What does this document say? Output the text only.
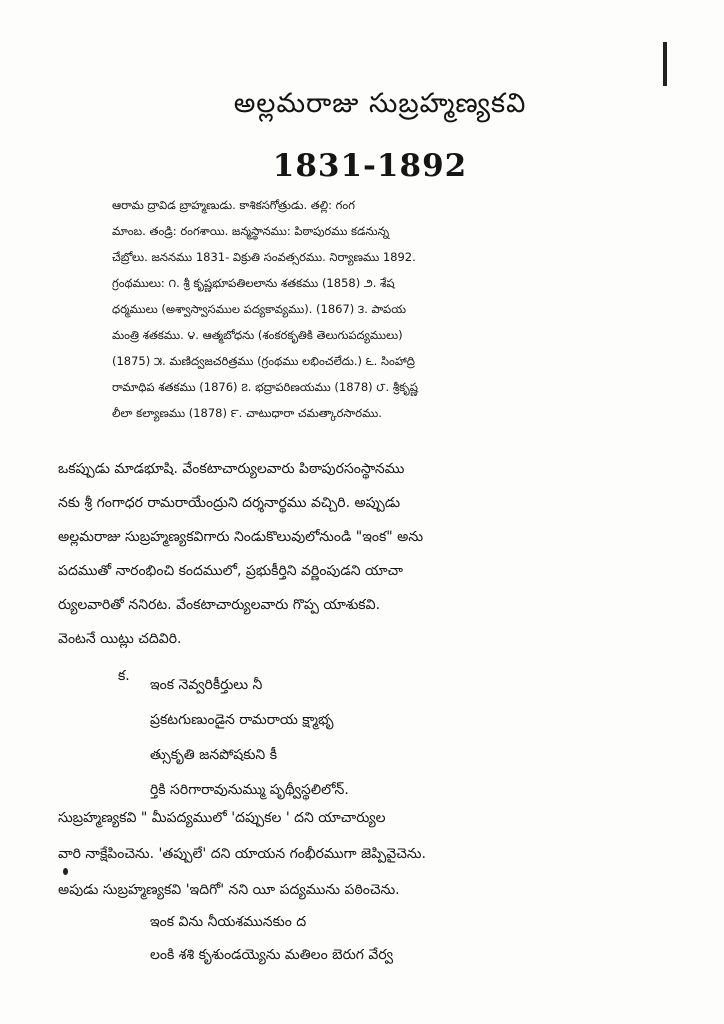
అల్లమరాజు సుబ్రహ్మణ్యకవి
1831-1892
ఆరామ ద్రావిడ బ్రాహ్మణుడు. కాశికసగోత్రుడు. తల్లి: గంగ
మాంబ. తండ్రి: రంగశాయి. జన్మస్థానము: పిఠాపురము కడనున్న
చేబ్రోలు. జననము 1831- విక్రుతి సంవత్సరము. నిర్యాణము 1892.
గ్రంథములు: ౧. శ్రీ కృష్ణభూపతిలలాను శతకము (1858) ౨. శేష
ధర్మములు (అశ్వాస్వాసముల పద్యకావ్యము). (1867) ౩. పాపయ
మంత్రి శతకము. ౪. ఆత్మబోధను (శంకరకృతికి తెలుగుపద్యములు)
(1875) ౫. మణిద్వజచరిత్రము (గ్రంథము లభించలేదు.) ౬. సింహాద్రి
రామాధిప శతకము (1876) ౭. భద్రాపరిణయము (1878) ౮. శ్రీకృష్ణ
లీలా కల్యాణము (1878) ౯. చాటుధారా చమత్కారసారము.
ఒకప్పుడు మాడభూషి. వేంకటాచార్యులవారు పిఠాపురసంస్థానము
నకు శ్రీ గంగాధర రామరాయేంద్రుని దర్శనార్థము వచ్చిరి. అప్పుడు
అల్లమరాజు సుబ్రహ్మణ్యకవిగారు నిండుకొలువులోనుండి "ఇంక" అను
పదముతో నారంభించి కందములో, ప్రభుకీర్తిని వర్ణింపుడని యాచా
ర్యులవారితో ననిరట. వేంకటాచార్యులవారు గొప్ప యాశుకవి.
వెంటనే యిట్లు చదివిరి.
క.
ఇంక నెవ్వరికీర్తులు నీ
ప్రకటగుణుండైన రామరాయ క్ష్మాభృ
త్సుకృతి జనపోషకుని కీ
ర్తికి సరిగారావునుమ్ము పృథ్వీస్థలిలోన్.
సుబ్రహ్మణ్యకవి " మీపద్యములో 'దప్పుకల ' దని యాచార్యుల
వారి నాక్షేపించెను. 'తప్పులే' దని యాయన గంభీరముగా జెప్పివైచెను.
అపుడు సుబ్రహ్మణ్యకవి 'ఇదిగో' నని యీ పద్యమును పఠించెను.
ఇంక విను నీయశమునకుం ద
లంకి శశి కృశుండయ్యెను మతిలం బెరుగ వేర్వ
